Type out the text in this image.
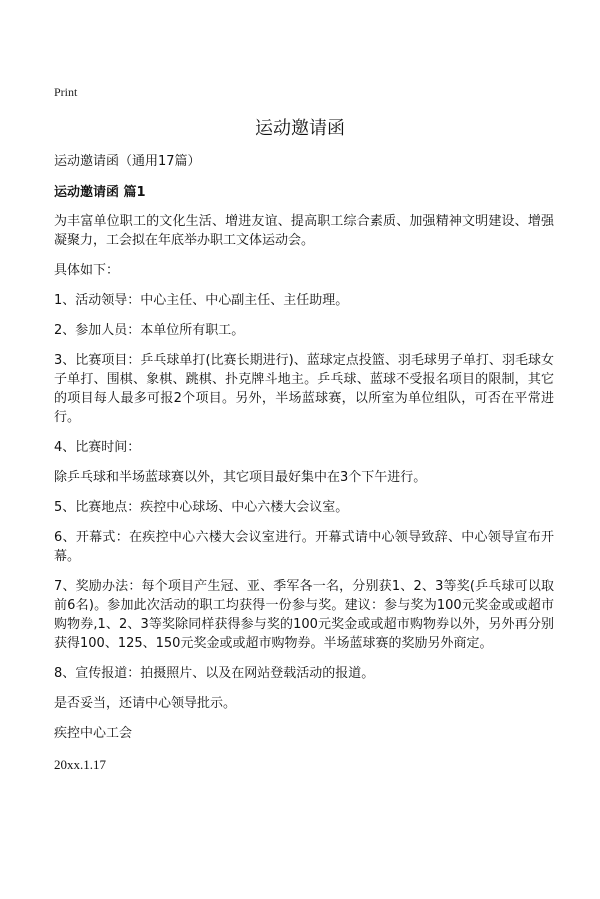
Print
运动邀请函

运动邀请函（通用17篇）

运动邀请函 篇1

为丰富单位职工的文化生活、增进友谊、提高职工综合素质、加强精神文明建设、增强凝聚力，工会拟在年底举办职工文体运动会。

具体如下：

1、活动领导：中心主任、中心副主任、主任助理。

2、参加人员：本单位所有职工。

3、比赛项目：乒乓球单打(比赛长期进行)、蓝球定点投篮、羽毛球男子单打、羽毛球女子单打、围棋、象棋、跳棋、扑克牌斗地主。乒乓球、蓝球不受报名项目的限制，其它的项目每人最多可报2个项目。另外，半场蓝球赛，以所室为单位组队，可否在平常进行。

4、比赛时间：

除乒乓球和半场蓝球赛以外，其它项目最好集中在3个下午进行。

5、比赛地点：疾控中心球场、中心六楼大会议室。

6、开幕式：在疾控中心六楼大会议室进行。开幕式请中心领导致辞、中心领导宣布开幕。

7、奖励办法：每个项目产生冠、亚、季军各一名，分别获1、2、3等奖(乒乓球可以取前6名)。参加此次活动的职工均获得一份参与奖。建议：参与奖为100元奖金或或超市购物券,1、2、3等奖除同样获得参与奖的100元奖金或或超市购物券以外，另外再分别获得100、125、150元奖金或或超市购物券。半场蓝球赛的奖励另外商定。

8、宣传报道：拍摄照片、以及在网站登载活动的报道。

是否妥当，还请中心领导批示。

疾控中心工会

20xx.1.17
